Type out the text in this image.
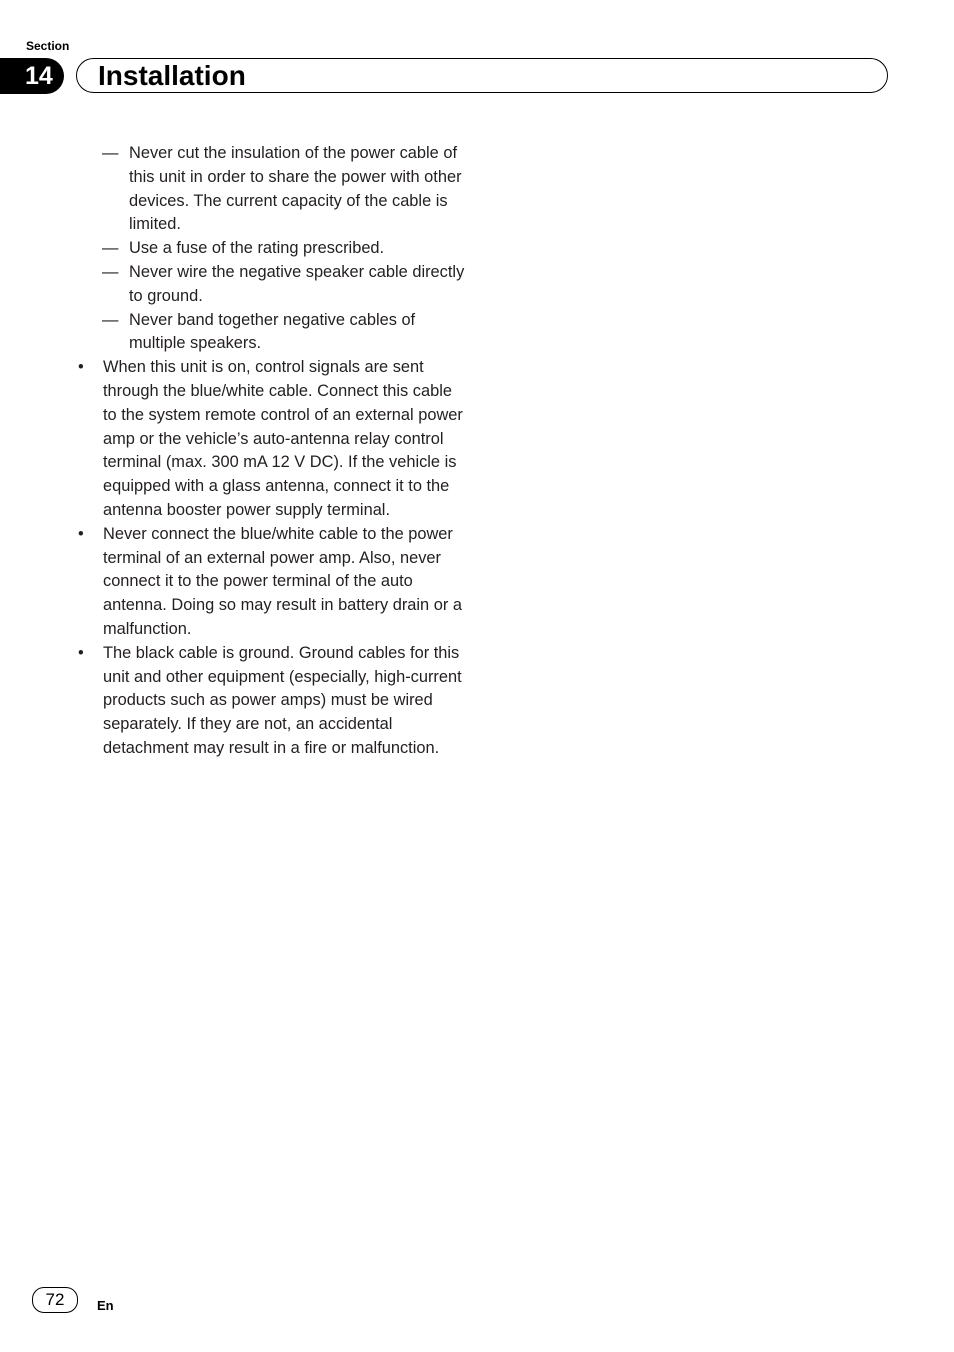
Section
14 Installation
— Never cut the insulation of the power cable of this unit in order to share the power with other devices. The current capacity of the cable is limited.
— Use a fuse of the rating prescribed.
— Never wire the negative speaker cable directly to ground.
— Never band together negative cables of multiple speakers.
• When this unit is on, control signals are sent through the blue/white cable. Connect this cable to the system remote control of an external power amp or the vehicle’s auto-antenna relay control terminal (max. 300 mA 12 V DC). If the vehicle is equipped with a glass antenna, connect it to the antenna booster power supply terminal.
• Never connect the blue/white cable to the power terminal of an external power amp. Also, never connect it to the power terminal of the auto antenna. Doing so may result in battery drain or a malfunction.
• The black cable is ground. Ground cables for this unit and other equipment (especially, high-current products such as power amps) must be wired separately. If they are not, an accidental detachment may result in a fire or malfunction.
72	En
